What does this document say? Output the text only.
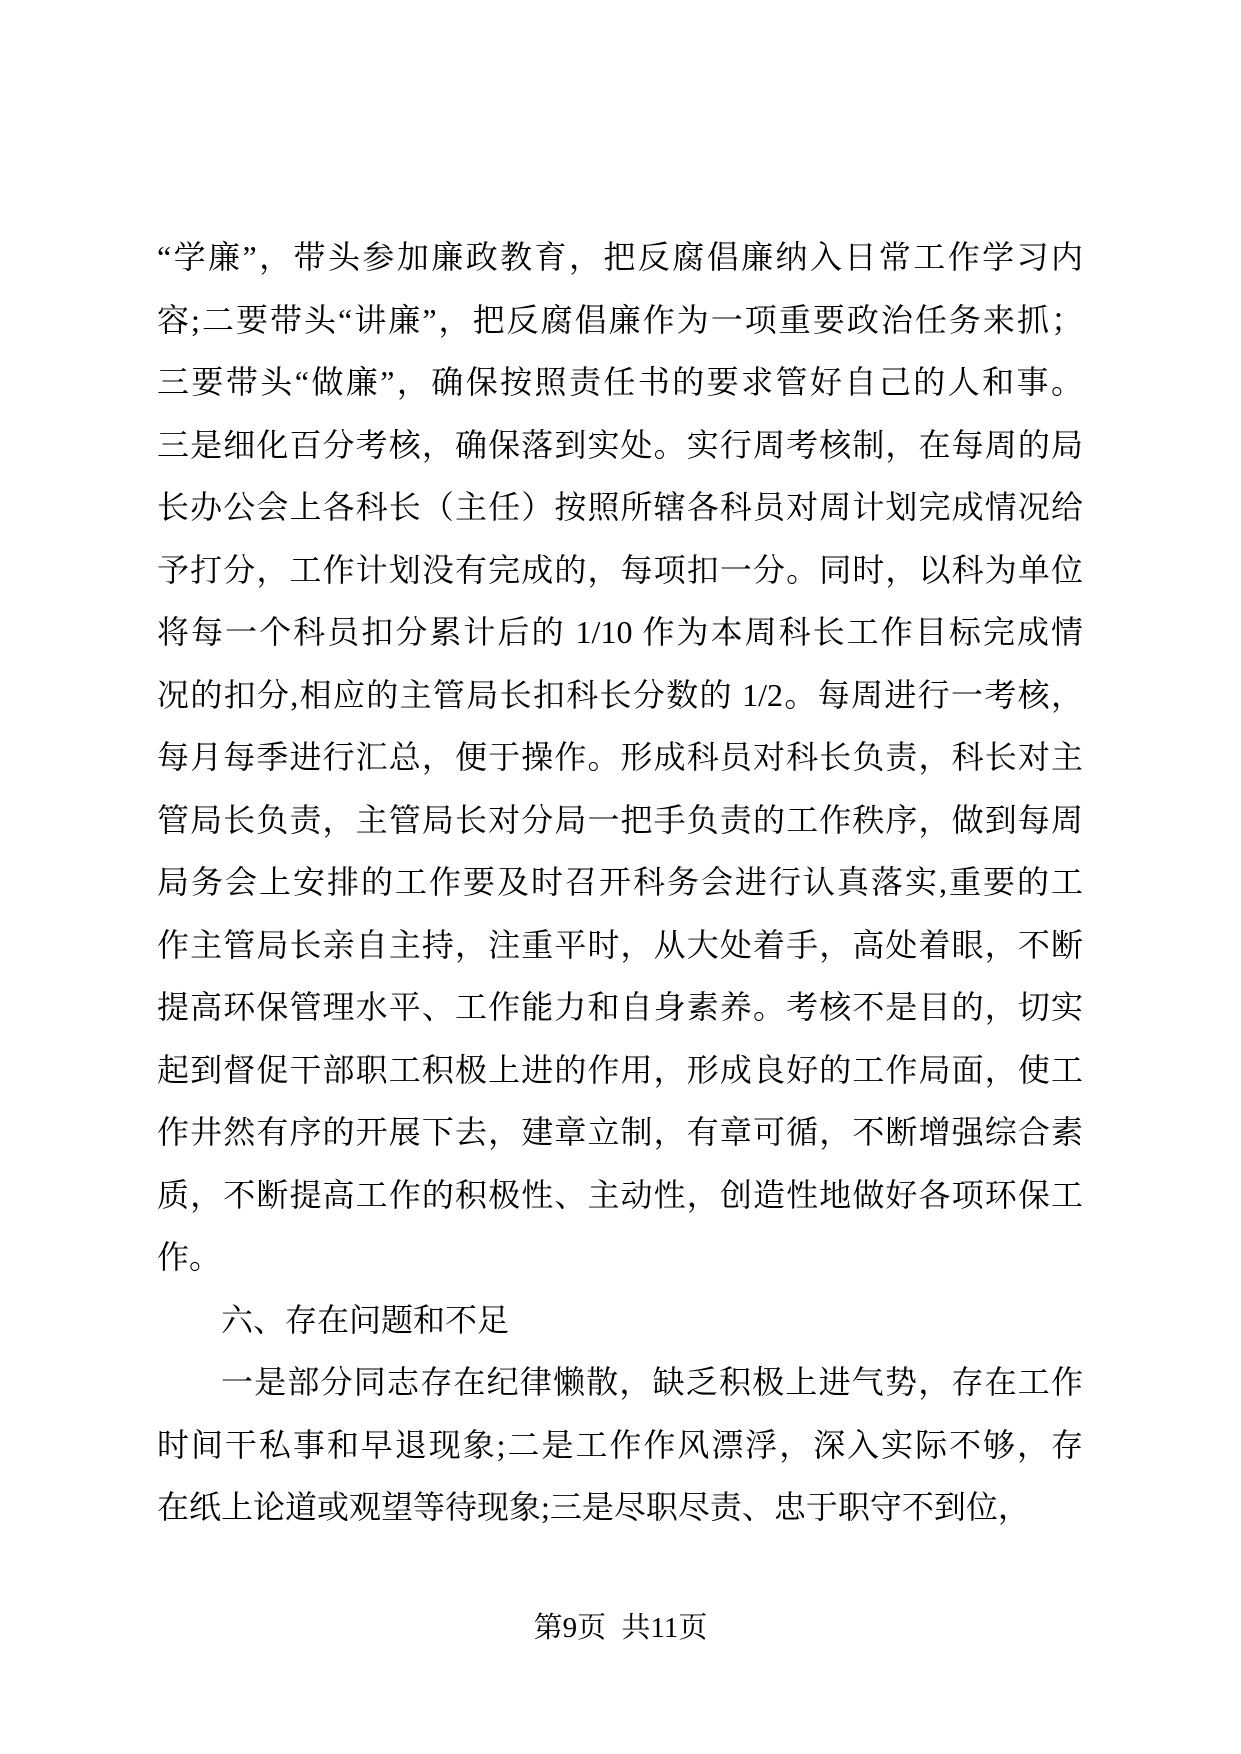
“学廉”，带头参加廉政教育，把反腐倡廉纳入日常工作学习内
容;二要带头“讲廉”，把反腐倡廉作为一项重要政治任务来抓；
三要带头“做廉”，确保按照责任书的要求管好自己的人和事。
三是细化百分考核，确保落到实处。实行周考核制，在每周的局
长办公会上各科长（主任）按照所辖各科员对周计划完成情况给
予打分，工作计划没有完成的，每项扣一分。同时，以科为单位
将每一个科员扣分累计后的 1/10 作为本周科长工作目标完成情
况的扣分,相应的主管局长扣科长分数的 1/2。每周进行一考核，
每月每季进行汇总，便于操作。形成科员对科长负责，科长对主
管局长负责，主管局长对分局一把手负责的工作秩序，做到每周
局务会上安排的工作要及时召开科务会进行认真落实,重要的工
作主管局长亲自主持，注重平时，从大处着手，高处着眼，不断
提高环保管理水平、工作能力和自身素养。考核不是目的，切实
起到督促干部职工积极上进的作用，形成良好的工作局面，使工
作井然有序的开展下去，建章立制，有章可循，不断增强综合素
质，不断提高工作的积极性、主动性，创造性地做好各项环保工
作。
六、存在问题和不足
一是部分同志存在纪律懒散，缺乏积极上进气势，存在工作
时间干私事和早退现象;二是工作作风漂浮，深入实际不够，存
在纸上论道或观望等待现象;三是尽职尽责、忠于职守不到位，
第9页 共11页
